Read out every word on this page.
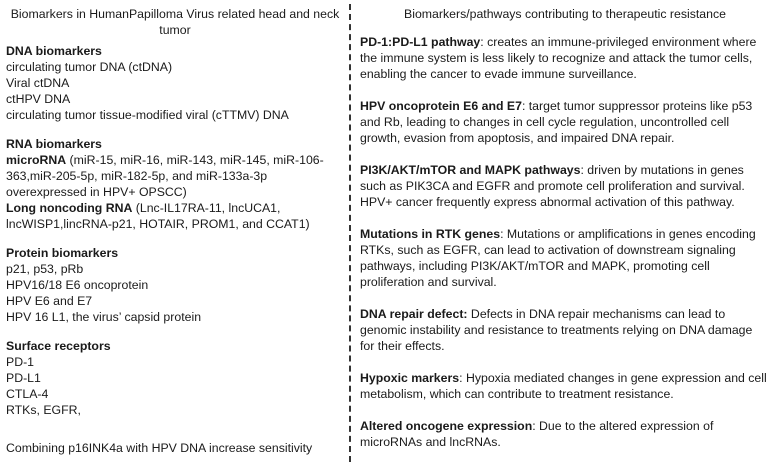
Biomarkers in HumanPapilloma Virus related head and neck tumor

DNA biomarkers

circulating tumor DNA (ctDNA)

Viral ctDNA

ctHPV DNA

circulating tumor tissue-modified viral (cTTMV) DNA

RNA biomarkers

microRNA (miR-15, miR-16, miR-143, miR-145, miR-106-363,miR-205-5p, miR-182-5p, and miR-133a-3p overexpressed in HPV+ OPSCC)

Long noncoding RNA (Lnc-IL17RA-11, lncUCA1, lncWISP1,lincRNA-p21, HOTAIR, PROM1, and CCAT1)

Protein biomarkers

p21, p53, pRb

HPV16/18 E6 oncoprotein

HPV E6 and E7

HPV 16 L1, the virus’ capsid protein

Surface receptors

PD-1

PD-L1

CTLA-4

RTKs, EGFR,

Combining p16INK4a with HPV DNA increase sensitivity

Biomarkers/pathways contributing to therapeutic resistance

PD-1:PD-L1 pathway: creates an immune-privileged environment where the immune system is less likely to recognize and attack the tumor cells, enabling the cancer to evade immune surveillance.

HPV oncoprotein E6 and E7: target tumor suppressor proteins like p53 and Rb, leading to changes in cell cycle regulation, uncontrolled cell growth, evasion from apoptosis, and impaired DNA repair.

PI3K/AKT/mTOR and MAPK pathways: driven by mutations in genes such as PIK3CA and EGFR and promote cell proliferation and survival. HPV+ cancer frequently express abnormal activation of this pathway.

Mutations in RTK genes: Mutations or amplifications in genes encoding RTKs, such as EGFR, can lead to activation of downstream signaling pathways, including PI3K/AKT/mTOR and MAPK, promoting cell proliferation and survival.

DNA repair defect: Defects in DNA repair mechanisms can lead to genomic instability and resistance to treatments relying on DNA damage for their effects.

Hypoxic markers: Hypoxia mediated changes in gene expression and cell metabolism, which can contribute to treatment resistance.

Altered oncogene expression: Due to the altered expression of microRNAs and lncRNAs.
